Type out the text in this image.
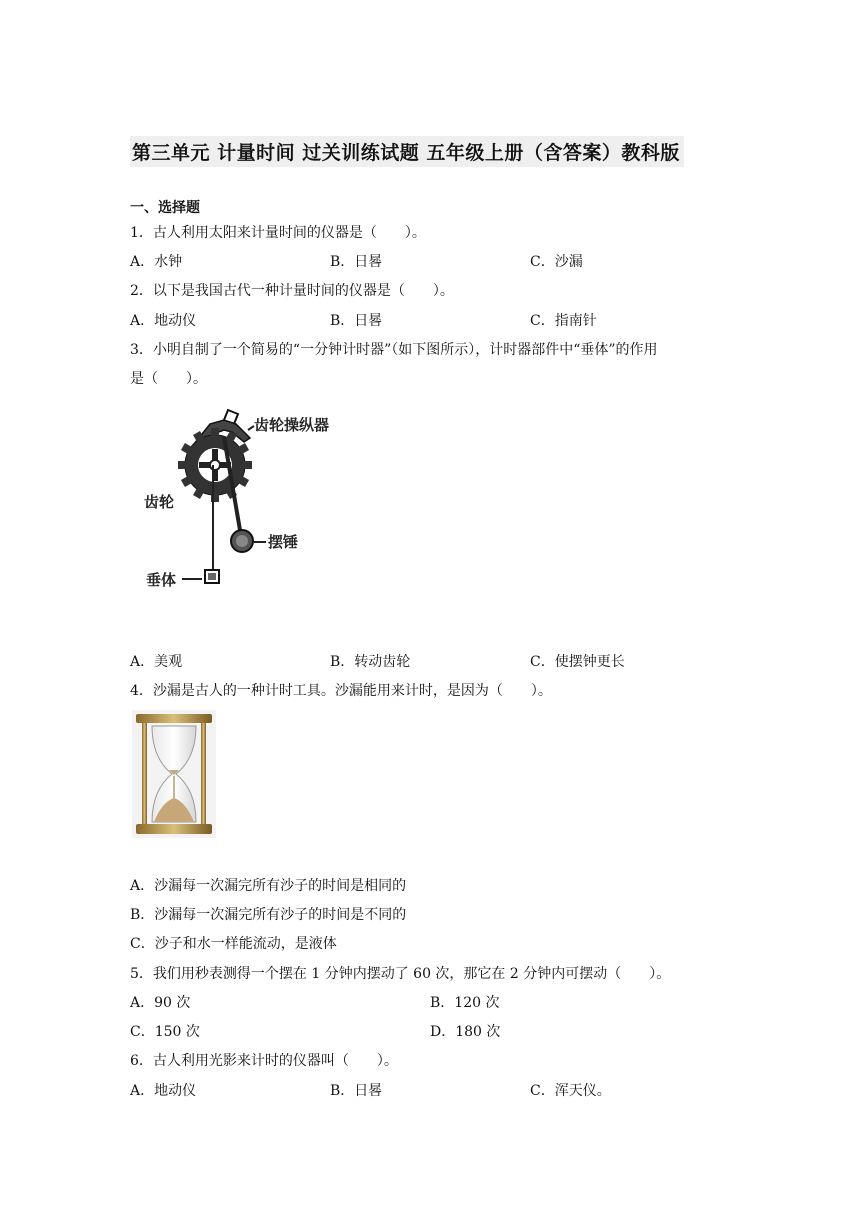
第三单元 计量时间 过关训练试题 五年级上册（含答案）教科版
一、选择题
1．古人利用太阳来计量时间的仪器是（　　）。
A．水钟	B．日晷	C．沙漏
2．以下是我国古代一种计量时间的仪器是（　　）。
A．地动仪	B．日晷	C．指南针
3．小明自制了一个简易的“一分钟计时器”（如下图所示），计时器部件中“垂体”的作用
是（　　）。
齿轮操纵器
齿轮
摆锤
垂体
A．美观	B．转动齿轮	C．使摆钟更长
4．沙漏是古人的一种计时工具。沙漏能用来计时，是因为（　　）。
A．沙漏每一次漏完所有沙子的时间是相同的
B．沙漏每一次漏完所有沙子的时间是不同的
C．沙子和水一样能流动，是液体
5．我们用秒表测得一个摆在 1 分钟内摆动了 60 次，那它在 2 分钟内可摆动（　　）。
A．90 次	B．120 次
C．150 次	D．180 次
6．古人利用光影来计时的仪器叫（　　）。
A．地动仪	B．日晷	C．浑天仪。
